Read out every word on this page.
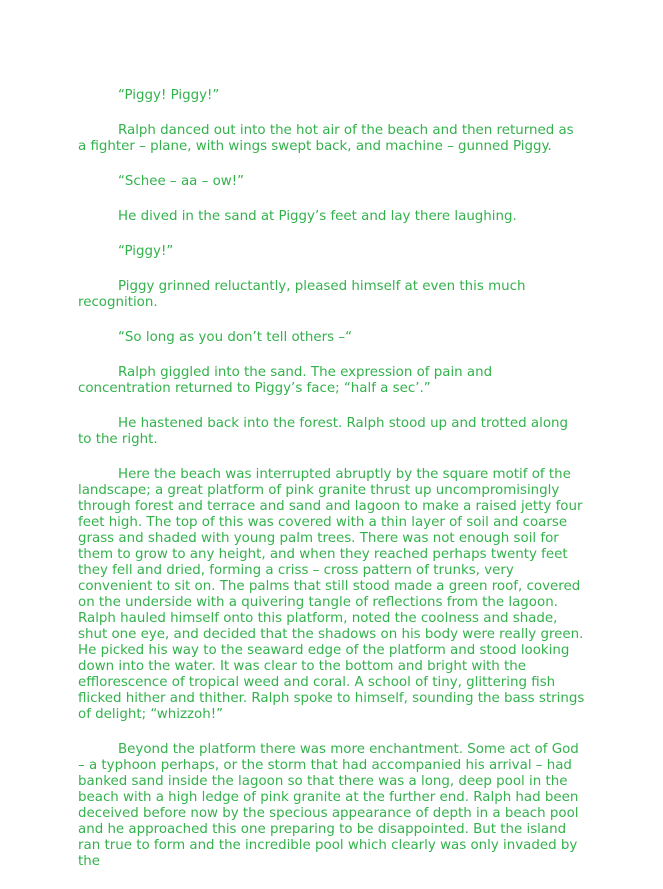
“Piggy! Piggy!”

Ralph danced out into the hot air of the beach and then returned as a fighter – plane, with wings swept back, and machine – gunned Piggy.

“Schee – aa – ow!”

He dived in the sand at Piggy’s feet and lay there laughing.

“Piggy!”

Piggy grinned reluctantly, pleased himself at even this much recognition.

“So long as you don’t tell others –“

Ralph giggled into the sand. The expression of pain and concentration returned to Piggy’s face; “half a sec’.”

He hastened back into the forest. Ralph stood up and trotted along to the right.

Here the beach was interrupted abruptly by the square motif of the landscape; a great platform of pink granite thrust up uncompromisingly through forest and terrace and sand and lagoon to make a raised jetty four feet high. The top of this was covered with a thin layer of soil and coarse grass and shaded with young palm trees. There was not enough soil for them to grow to any height, and when they reached perhaps twenty feet they fell and dried, forming a criss – cross pattern of trunks, very convenient to sit on. The palms that still stood made a green roof, covered on the underside with a quivering tangle of reflections from the lagoon. Ralph hauled himself onto this platform, noted the coolness and shade, shut one eye, and decided that the shadows on his body were really green. He picked his way to the seaward edge of the platform and stood looking down into the water. It was clear to the bottom and bright with the efflorescence of tropical weed and coral. A school of tiny, glittering fish flicked hither and thither. Ralph spoke to himself, sounding the bass strings of delight; “whizzoh!”

Beyond the platform there was more enchantment. Some act of God – a typhoon perhaps, or the storm that had accompanied his arrival – had banked sand inside the lagoon so that there was a long, deep pool in the beach with a high ledge of pink granite at the further end. Ralph had been deceived before now by the specious appearance of depth in a beach pool and he approached this one preparing to be disappointed. But the island ran true to form and the incredible pool which clearly was only invaded by the
